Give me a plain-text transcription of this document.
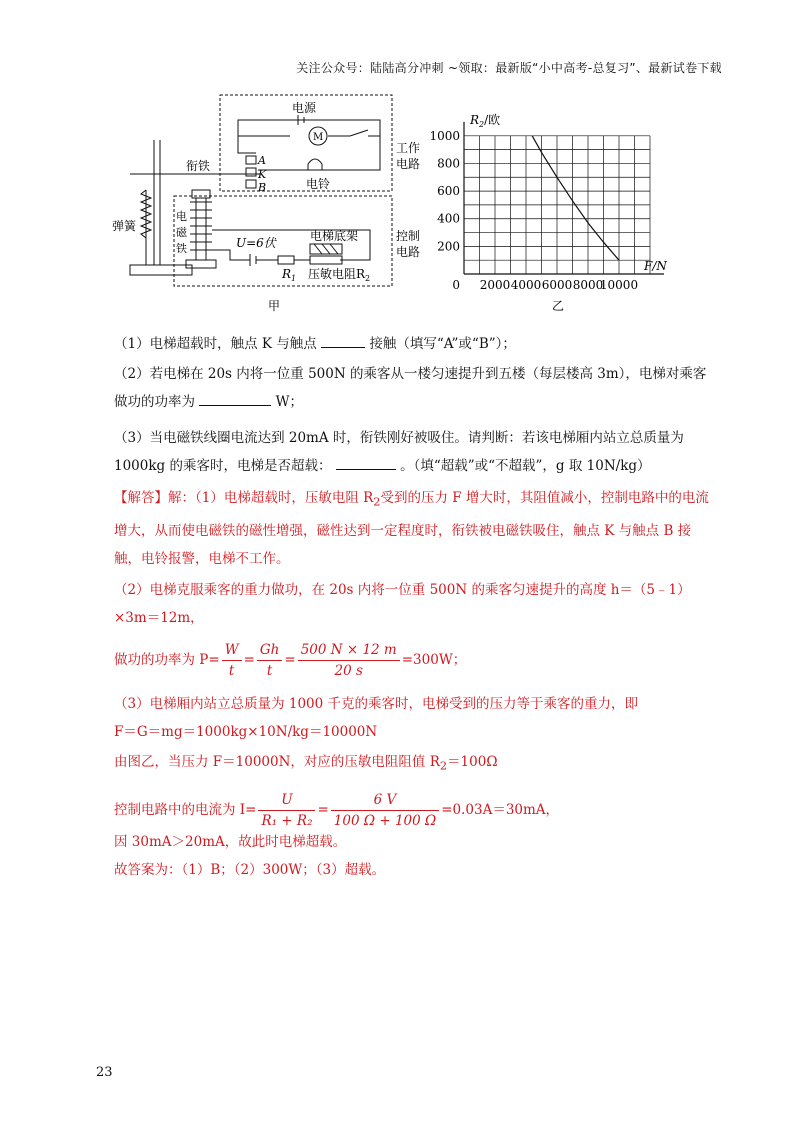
关注公众号：陆陆高分冲刺 ~领取：最新版“小中高考-总复习”、最新试卷下载
电源
M
工作
电路
衔铁	A
K
B	电铃
弹簧
电
磁
铁	U=6伏	电梯底架	控制
电路
$R_1$ 压敏电阻$R_2$
甲
2000 4000 6000 8000
10000
200
400
600
800
1000
0
F/N
$R_2/$欧
乙
（1）电梯超载时，触点 K 与触点	接触（填写“A”或“B”）；
（2）若电梯在 20s 内将一位重 500N 的乘客从一楼匀速提升到五楼（每层楼高 3m），电梯对乘客做功的功率为	W；
（3）当电磁铁线圈电流达到 20mA 时，衔铁刚好被吸住。请判断：若该电梯厢内站立总质量为 1000kg 的乘客时，电梯是否超载：	。（填“超载”或“不超载”，g 取 10N/kg）
【解答】解：（1）电梯超载时，压敏电阻 $R_2$受到的压力 F 增大时，其阻值减小，控制电路中的电流增大，从而使电磁铁的磁性增强，磁性达到一定程度时，衔铁被电磁铁吸住，触点 K 与触点 B 接触，电铃报警，电梯不工作。
（2）电梯克服乘客的重力做功，在 20s 内将一位重 500N 的乘客匀速提升的高度 h＝（5﹣1）×3m＝12m，
做功的功率为 $P= \frac{W}{t} = \frac{Gh}{t} = \frac{500 N \times 12 m}{20 s} =300W$；
（3）电梯厢内站立总质量为 1000 千克的乘客时，电梯受到的压力等于乘客的重力，即
F＝G＝mg＝1000kg×10N/kg＝10000N
由图乙，当压力 F＝10000N，对应的压敏电阻阻值 $R_2=100\Omega$
控制电路中的电流为 $I= \frac{U}{\text{R₁ + R₂}} = \frac{6 V}{100 \Omega + 100 \Omega} =0.03A=30mA$，
因 30mA＞20mA，故此时电梯超载。
故答案为：（1）B；（2）300W；（3）超载。
23
